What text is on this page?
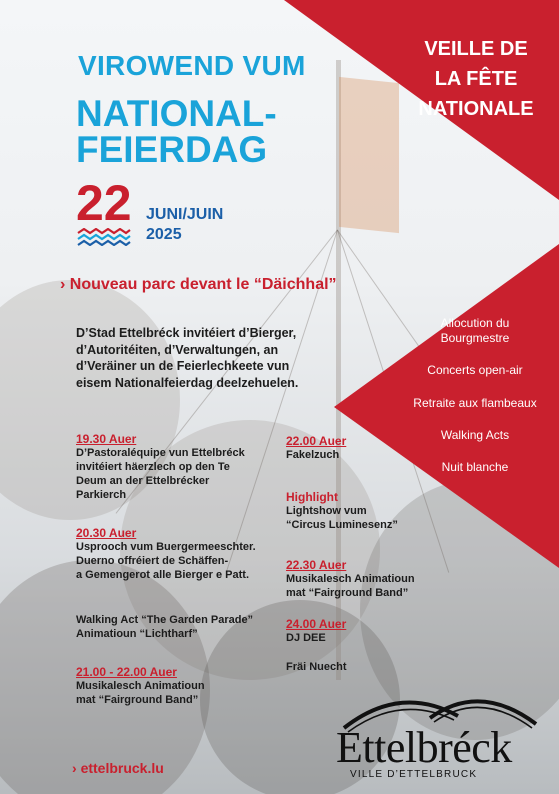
VIROWEND VUM
NATIONAL-
FEIERDAG
22 JUNI/JUIN
2025
VEILLE DE
LA FÊTE
NATIONALE
› Nouveau parc devant le “Däichhal”
D’Stad Ettelbréck invitéiert d’Bierger,
d’Autoritéiten, d’Verwaltungen, an
d’Veräiner un de Feierlechkeete vun
eisem Nationalfeierdag deelzehuelen.
Allocution du
Bourgmestre
Concerts open-air
Retraite aux flambeaux
Walking Acts
Nuit blanche
19.30 Auer
D’Pastoraléquipe vun Ettelbréck
invitéiert häerzlech op den Te
Deum an der Ettelbrécker
Parkierch
20.30 Auer
Usprooch vum Buergermeeschter.
Duerno offréiert de Schäffen-
a Gemengerot alle Bierger e Patt.
Walking Act “The Garden Parade”
Animatioun “Lichtharf”
21.00 - 22.00 Auer
Musikalesch Animatioun
mat “Fairground Band”
22.00 Auer
Fakelzuch
Highlight
Lightshow vum
“Circus Luminesenz”
22.30 Auer
Musikalesch Animatioun
mat “Fairground Band”
24.00 Auer
DJ DEE
Fräi Nuecht
› ettelbruck.lu	Ettelbréck
VILLE D’ETTELBRUCK
